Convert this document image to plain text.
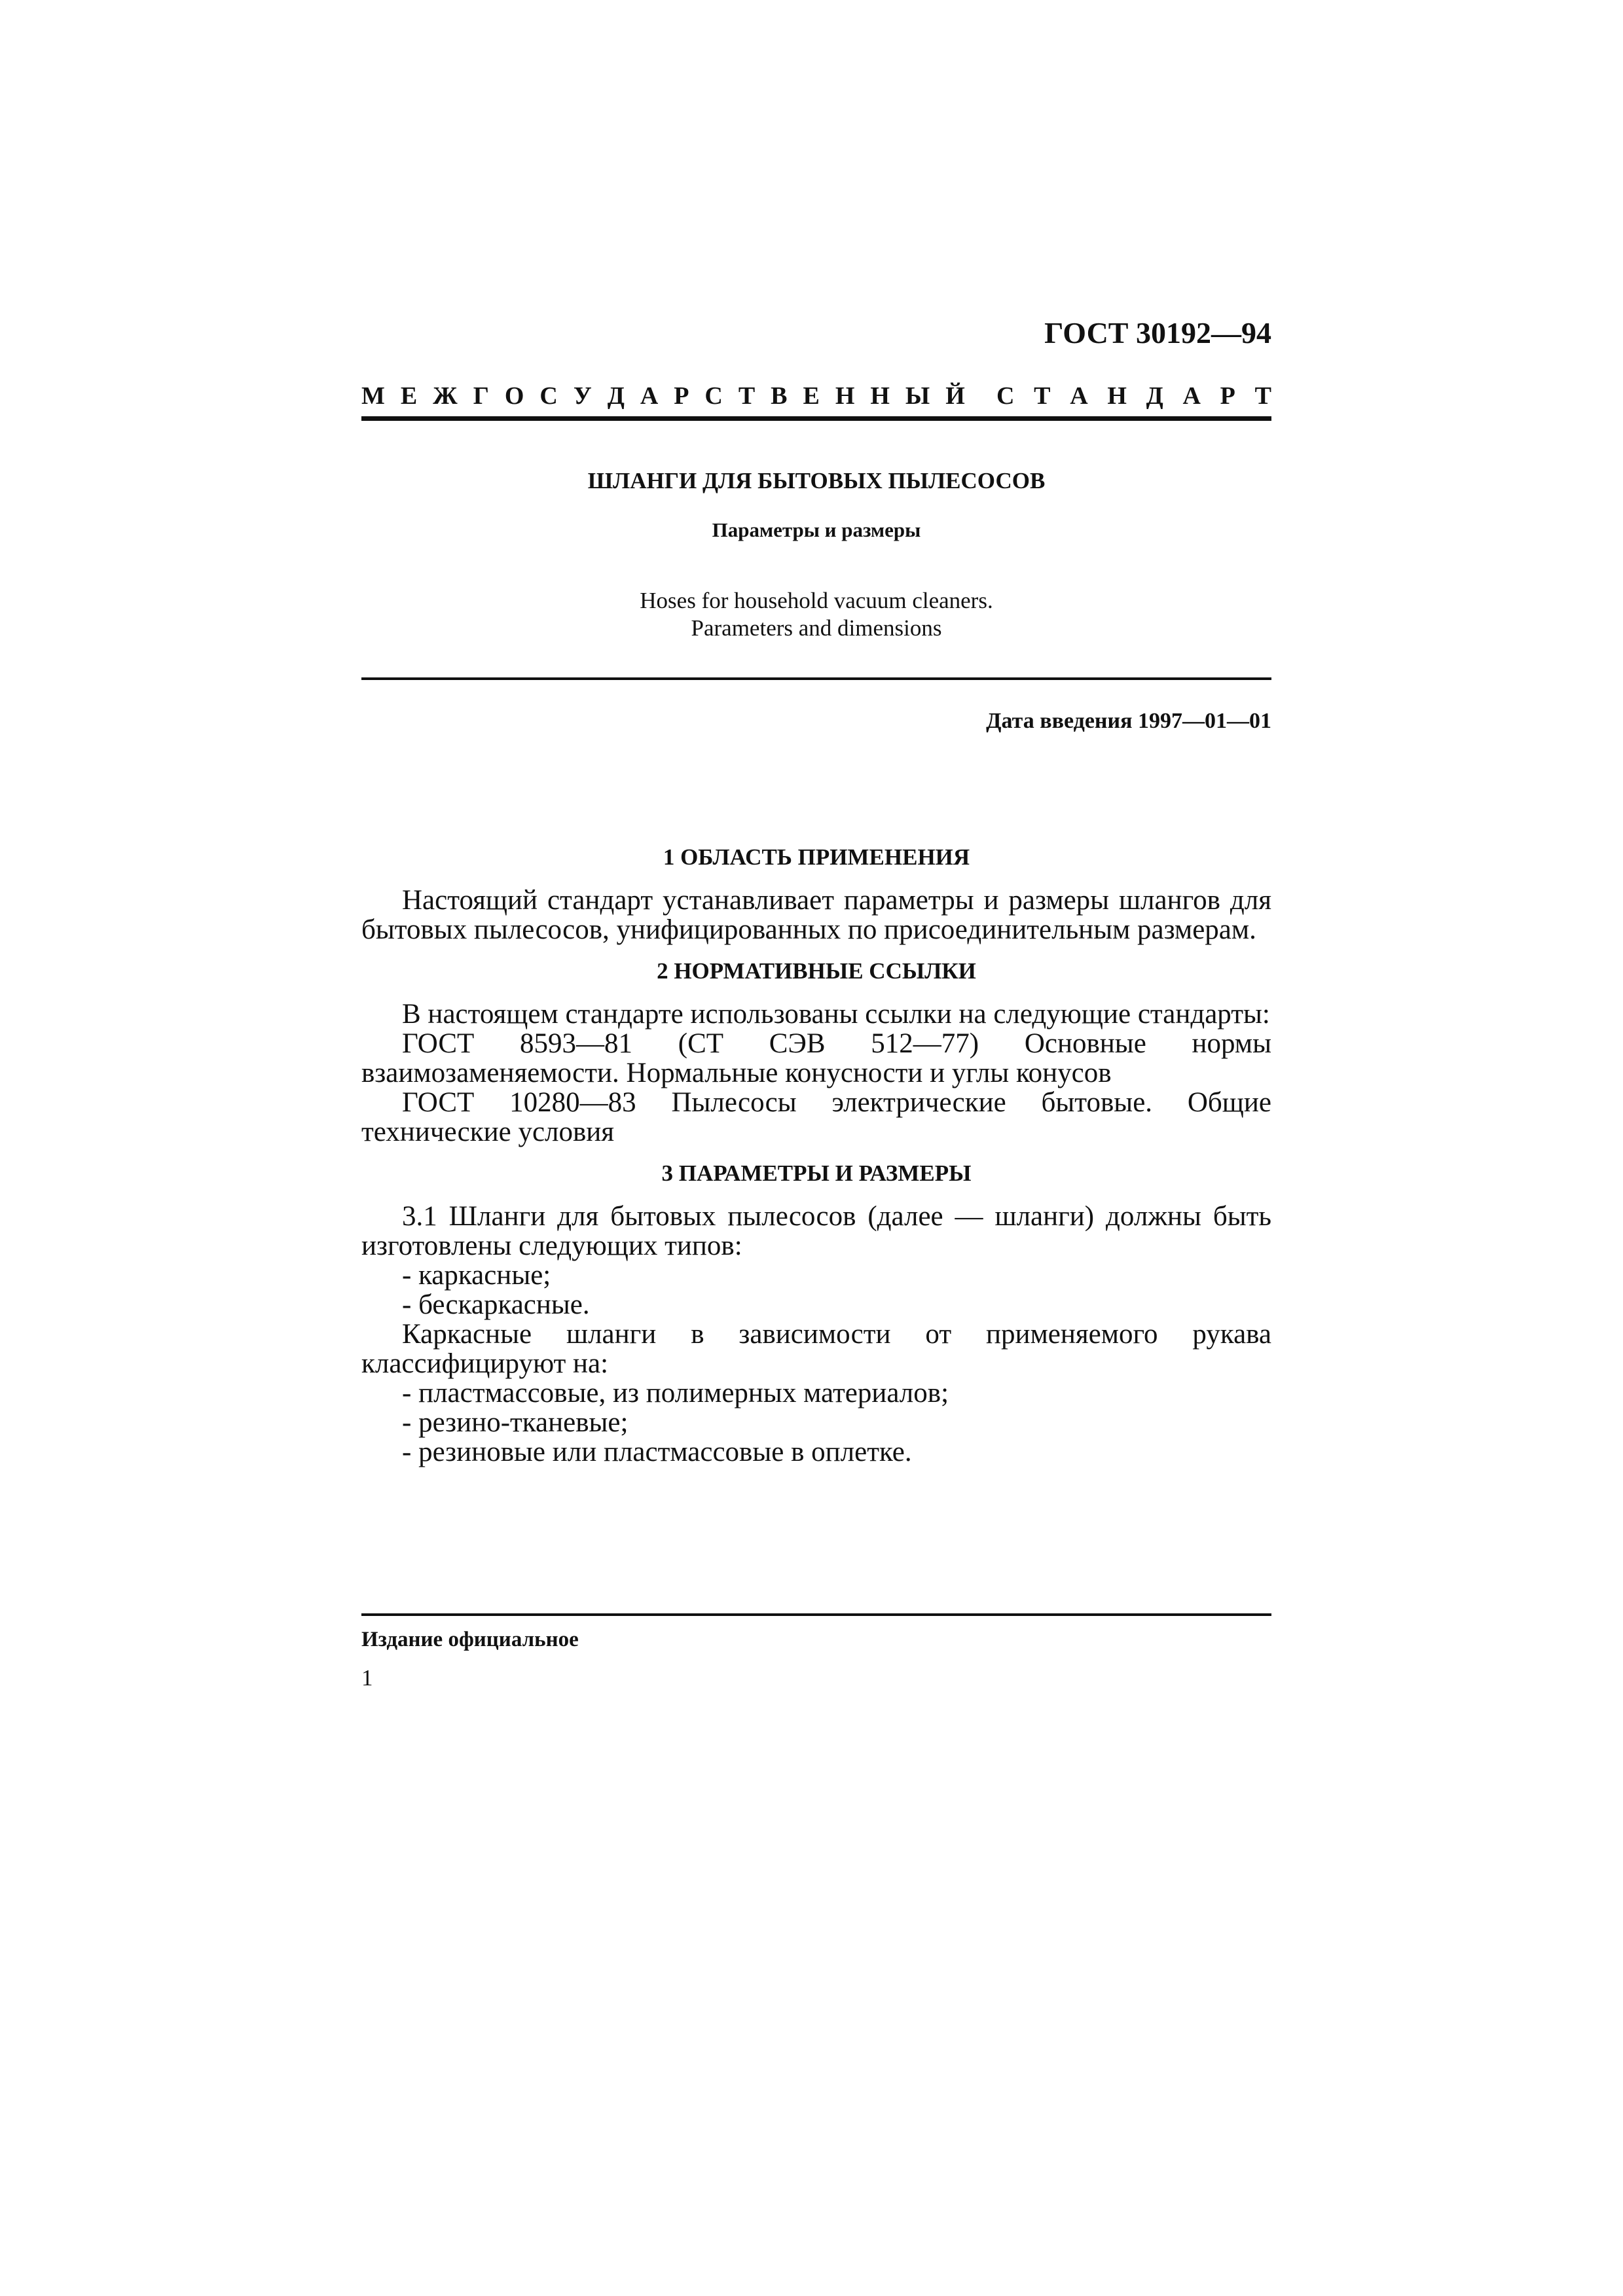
ГОСТ 30192—94
М Е Ж Г О С У Д А Р С Т В Е Н Н Ы Й С Т А Н Д А Р Т
ШЛАНГИ ДЛЯ БЫТОВЫХ ПЫЛЕСОСОВ
Параметры и размеры
Hoses for household vacuum cleaners.
Parameters and dimensions
Дата введения 1997—01—01
1 ОБЛАСТЬ ПРИМЕНЕНИЯ

Настоящий стандарт устанавливает параметры и размеры шлангов для бытовых пылесосов, унифицированных по присоединительным размерам.

2 НОРМАТИВНЫЕ ССЫЛКИ

В настоящем стандарте использованы ссылки на следующие стандарты:

ГОСТ 8593—81 (СТ СЭВ 512—77) Основные нормы взаимозаменяемости. Нормальные конусности и углы конусов

ГОСТ 10280—83 Пылесосы электрические бытовые. Общие технические условия

3 ПАРАМЕТРЫ И РАЗМЕРЫ

3.1 Шланги для бытовых пылесосов (далее — шланги) должны быть изготовлены следующих типов:

- каркасные;

- бескаркасные.

Каркасные шланги в зависимости от применяемого рукава классифицируют на:

- пластмассовые, из полимерных материалов;

- резино-тканевые;

- резиновые или пластмассовые в оплетке.

Издание официальное
1
